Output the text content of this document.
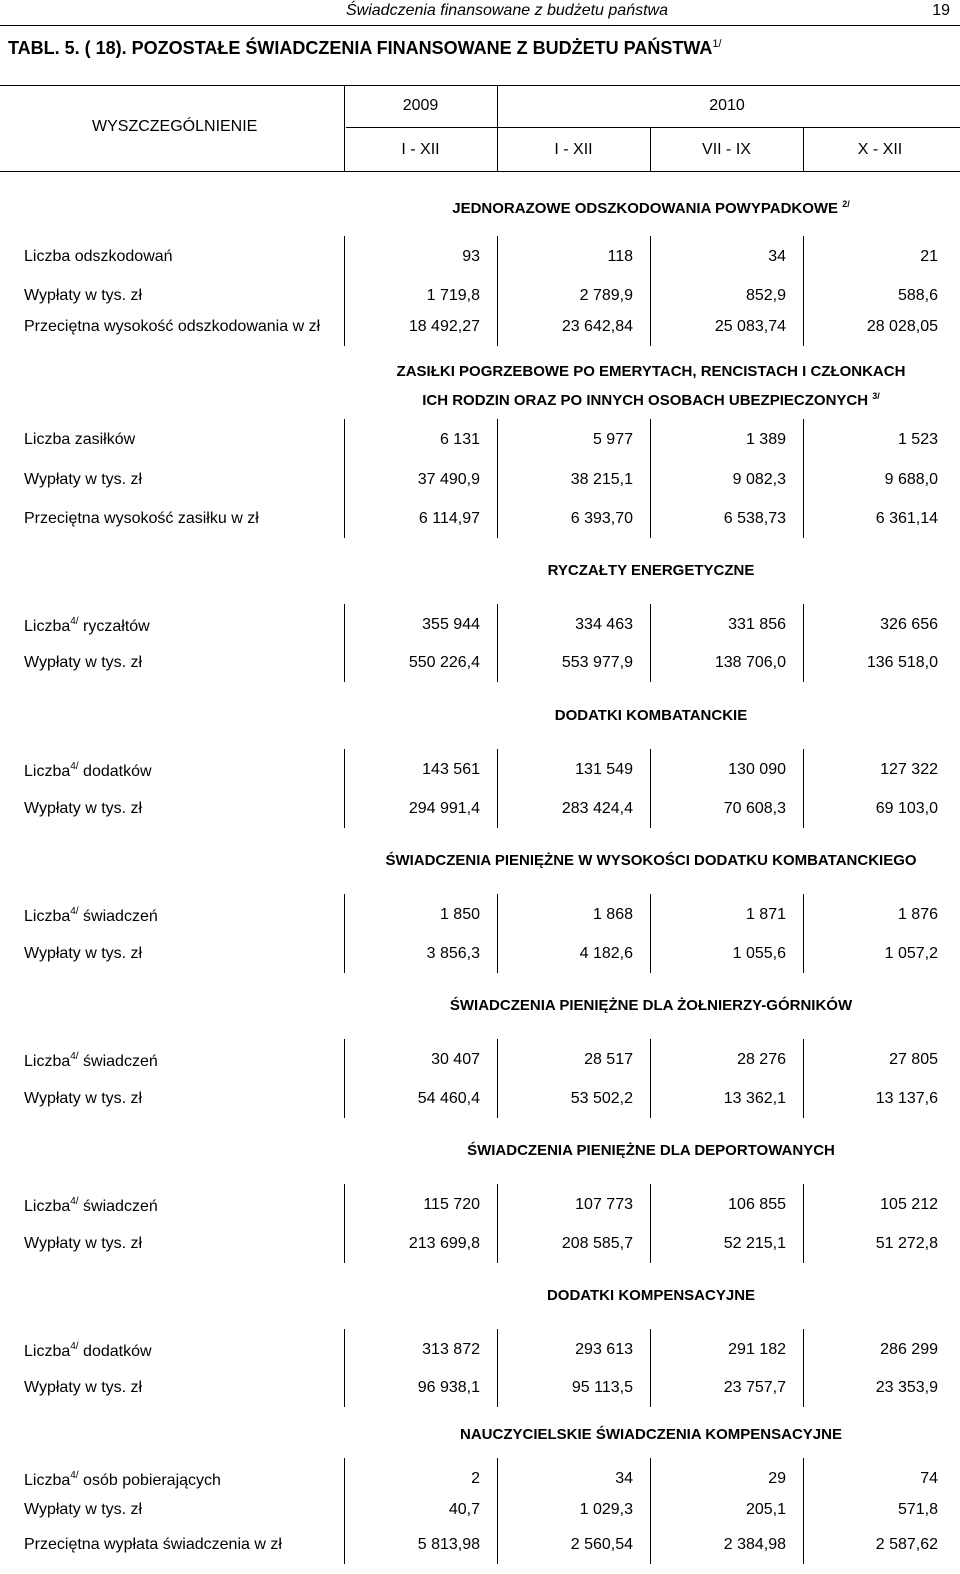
Świadczenia finansowane z budżetu państwa	19
TABL. 5. ( 18). POZOSTAŁE ŚWIADCZENIA FINANSOWANE Z BUDŻETU $PAŃSTWA^{1/}$
WYSZCZEGÓLNIENIE
2009	2010
I - XII	I - XII	VII - IX	X - XII
JEDNORAZOWE ODSZKODOWANIA POWYPADKOWE $^{2/}$
Liczba odszkodowań	93	118	34	21
Wypłaty w tys. zł	1 719,8	2 789,9	852,9	588,6
Przeciętna wysokość odszkodowania w zł	18 492,27	23 642,84	25 083,74	28 028,05
ZASIŁKI POGRZEBOWE PO EMERYTACH, RENCISTACH I CZŁONKACH
ICH RODZIN ORAZ PO INNYCH OSOBACH UBEZPIECZONYCH $^{3/}$
Liczba zasiłków	6 131	5 977	1 389	1 523
Wypłaty w tys. zł	37 490,9	38 215,1	9 082,3	9 688,0
Przeciętna wysokość zasiłku w zł	6 114,97	6 393,70	6 538,73	6 361,14
RYCZAŁTY ENERGETYCZNE
Liczba$^{4/}$ ryczałtów	355 944	334 463	331 856	326 656
Wypłaty w tys. zł	550 226,4	553 977,9	138 706,0	136 518,0
DODATKI KOMBATANCKIE
Liczba$^{4/}$ dodatków	143 561	131 549	130 090	127 322
Wypłaty w tys. zł	294 991,4	283 424,4	70 608,3	69 103,0
ŚWIADCZENIA PIENIĘŻNE W WYSOKOŚCI DODATKU KOMBATANCKIEGO
Liczba$^{4/}$ świadczeń	1 850	1 868	1 871	1 876
Wypłaty w tys. zł	3 856,3	4 182,6	1 055,6	1 057,2
ŚWIADCZENIA PIENIĘŻNE DLA ŻOŁNIERZY-GÓRNIKÓW
Liczba$^{4/}$ świadczeń	30 407	28 517	28 276	27 805
Wypłaty w tys. zł	54 460,4	53 502,2	13 362,1	13 137,6
ŚWIADCZENIA PIENIĘŻNE DLA DEPORTOWANYCH
Liczba$^{4/}$ świadczeń	115 720	107 773	106 855	105 212
Wypłaty w tys. zł	213 699,8	208 585,7	52 215,1	51 272,8
DODATKI KOMPENSACYJNE
Liczba$^{4/}$ dodatków	313 872	293 613	291 182	286 299
Wypłaty w tys. zł	96 938,1	95 113,5	23 757,7	23 353,9
NAUCZYCIELSKIE ŚWIADCZENIA KOMPENSACYJNE
Liczba$^{4/}$ osób pobierających	2	34	29	74
Wypłaty w tys. zł	40,7	1 029,3	205,1	571,8
Przeciętna wypłata świadczenia w zł	5 813,98	2 560,54	2 384,98	2 587,62
